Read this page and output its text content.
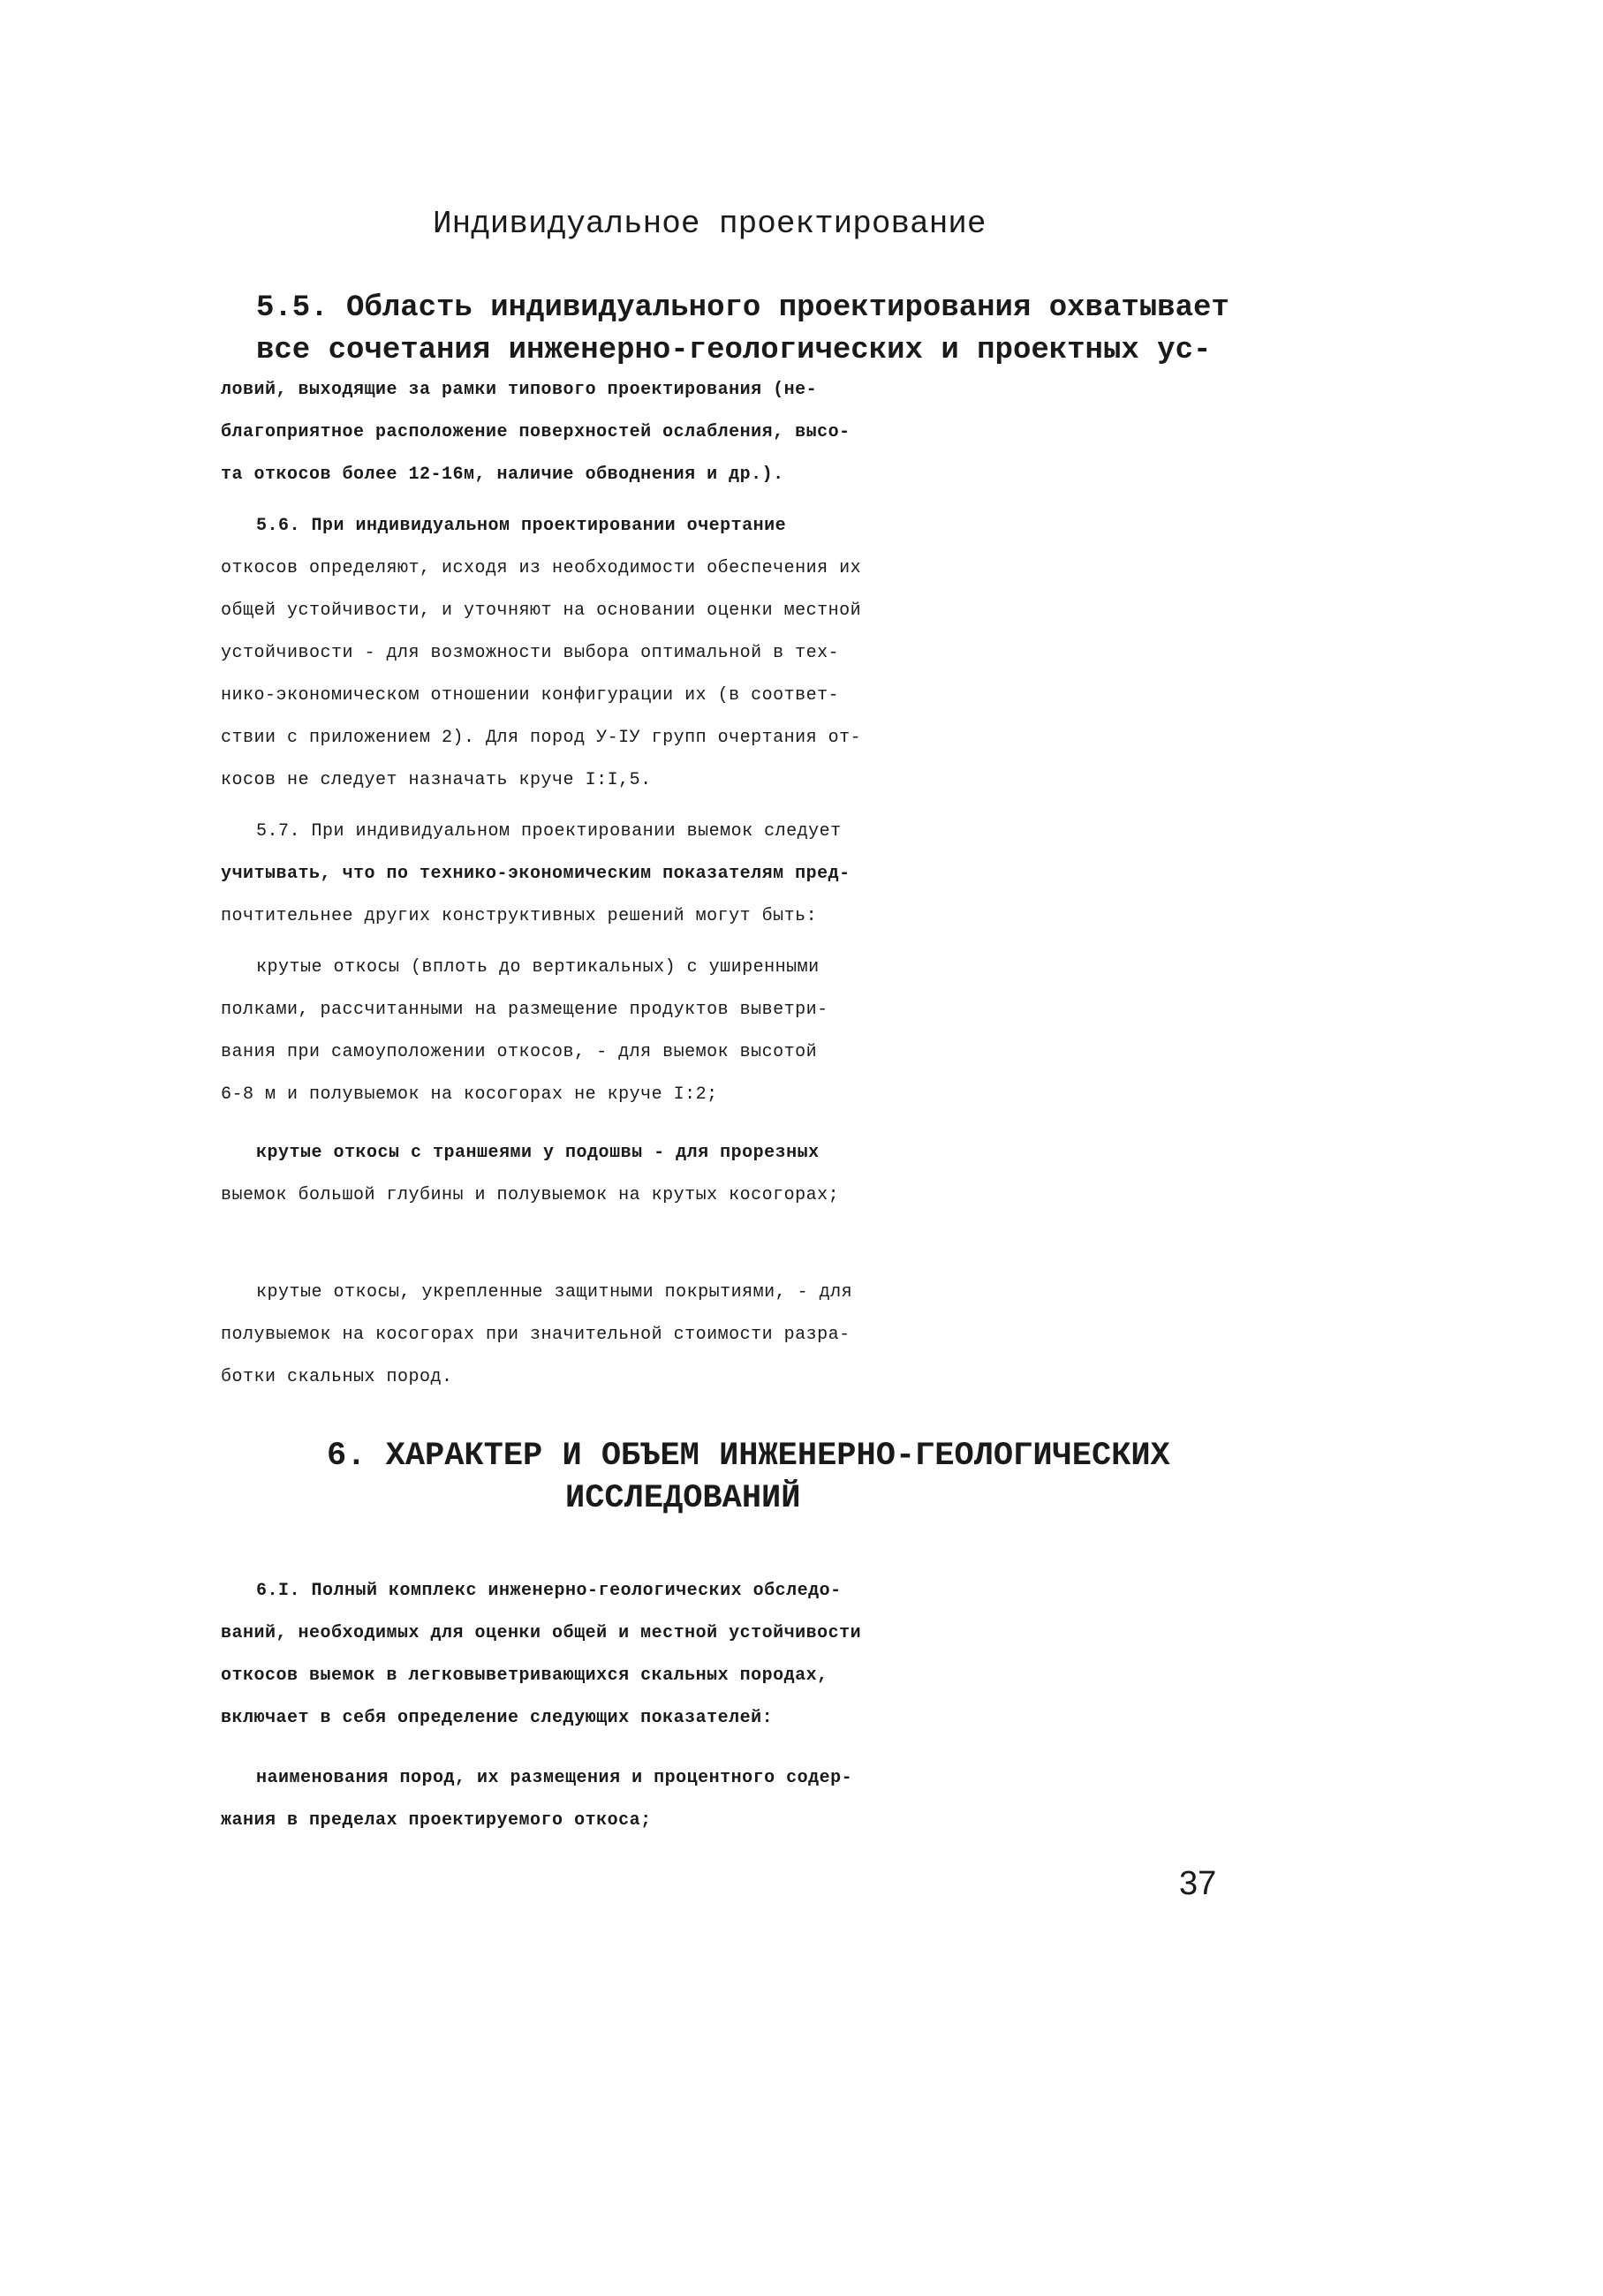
Индивидуальное проектирование
5.5. Область индивидуального проектирования охватывает все сочетания инженерно-геологических и проектных ус-
ловий, выходящие за рамки типового проектирования (не-
благоприятное расположение поверхностей ослабления, высо-
та откосов более 12-16м, наличие обводнения и др.).
5.6. При индивидуальном проектировании очертание
откосов определяют, исходя из необходимости обеспечения их
общей устойчивости, и уточняют на основании оценки местной
устойчивости - для возможности выбора оптимальной в тех-
нико-экономическом отношении конфигурации их (в соответ-
ствии с приложением 2). Для пород У-IУ групп очертания от-
косов не следует назначать круче I:I,5.
5.7. При индивидуальном проектировании выемок следует
учитывать, что по технико-экономическим показателям пред-
почтительнее других конструктивных решений могут быть:
крутые откосы (вплоть до вертикальных) с уширенными
полками, рассчитанными на размещение продуктов выветри-
вания при самоуположении откосов, - для выемок высотой
6-8 м и полувыемок на косогорах не круче I:2;
крутые откосы с траншеями у подошвы - для прорезных
выемок большой глубины и полувыемок на крутых косогорах;
крутые откосы, укрепленные защитными покрытиями, - для
полувыемок на косогорах при значительной стоимости разра-
ботки скальных пород.
6. ХАРАКТЕР И ОБЪЕМ ИНЖЕНЕРНО-ГЕОЛОГИЧЕСКИХ
ИССЛЕДОВАНИЙ
6.I. Полный комплекс инженерно-геологических обследо-
ваний, необходимых для оценки общей и местной устойчивости
откосов выемок в легковыветривающихся скальных породах,
включает в себя определение следующих показателей:
наименования пород, их размещения и процентного содер-
жания в пределах проектируемого откоса;
37
